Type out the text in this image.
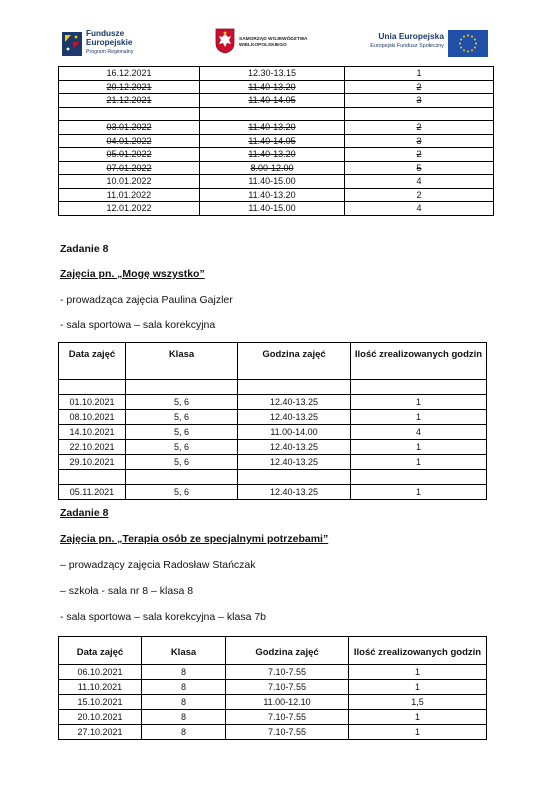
Fundusze
Europejskie
Program Regionalny
SAMORZĄD WOJEWÓDZTWA
WIELKOPOLSKIEGO
Unia Europejska
Europejski Fundusz Społeczny
16.12.2021	12.30-13.15	1
20.12.2021	11.40-13.20	2
21.12.2021	11.40-14.05	3

03.01.2022	11.40-13.20	2
04.01.2022	11.40-14.05	3
05.01.2022	11.40-13.20	2
07.01.2022	8.00-12.00	5
10.01.2022	11.40-15.00	4
11.01.2022	11.40-13.20	2
12.01.2022	11.40-15.00	4
Zadanie 8
Zajęcia pn. „Mogę wszystko”
- prowadząca zajęcia Paulina Gajzler
- sala sportowa – sala korekcyjna
Data zajęć	Klasa	Godzina zajęć	Ilość zrealizowanych godzin

01.10.2021	5, 6	12.40-13.25	1
08.10.2021	5, 6	12.40-13.25	1
14.10.2021	5, 6	11.00-14.00	4
22.10.2021	5, 6	12.40-13.25	1
29.10.2021	5, 6	12.40-13.25	1

05.11.2021	5, 6	12.40-13.25	1
Zadanie 8
Zajęcia pn. „Terapia osób ze specjalnymi potrzebami”
– prowadzący zajęcia Radosław Stańczak
– szkoła - sala nr 8 – klasa 8
- sala sportowa – sala korekcyjna – klasa 7b
Data zajęć	Klasa	Godzina zajęć	Ilość zrealizowanych godzin
06.10.2021	8	7.10-7.55	1
11.10.2021	8	7.10-7.55	1
15.10.2021	8	11.00-12.10	1,5
20.10.2021	8	7.10-7.55	1
27.10.2021	8	7.10-7.55	1
